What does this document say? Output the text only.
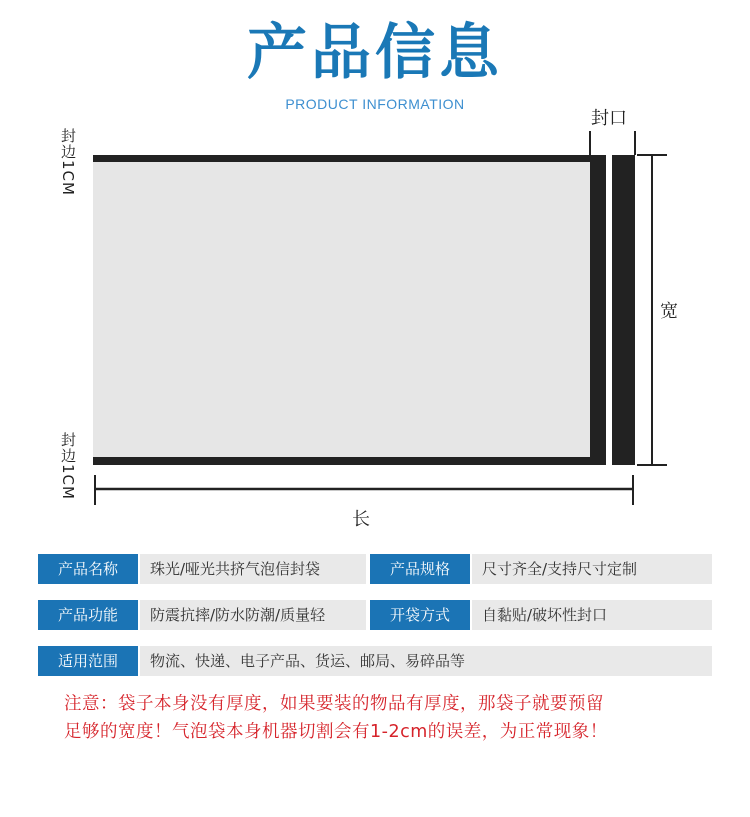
产品信息
PRODUCT INFORMATION
封口
封边1CM
封边1CM
宽
长
产品名称	珠光/哑光共挤气泡信封袋	产品规格	尺寸齐全/支持尺寸定制
产品功能	防震抗摔/防水防潮/质量轻	开袋方式	自黏贴/破坏性封口
适用范围	物流、快递、电子产品、货运、邮局、易碎品等

注意：袋子本身没有厚度，如果要装的物品有厚度，那袋子就要预留

足够的宽度！气泡袋本身机器切割会有1-2cm的误差，为正常现象！
